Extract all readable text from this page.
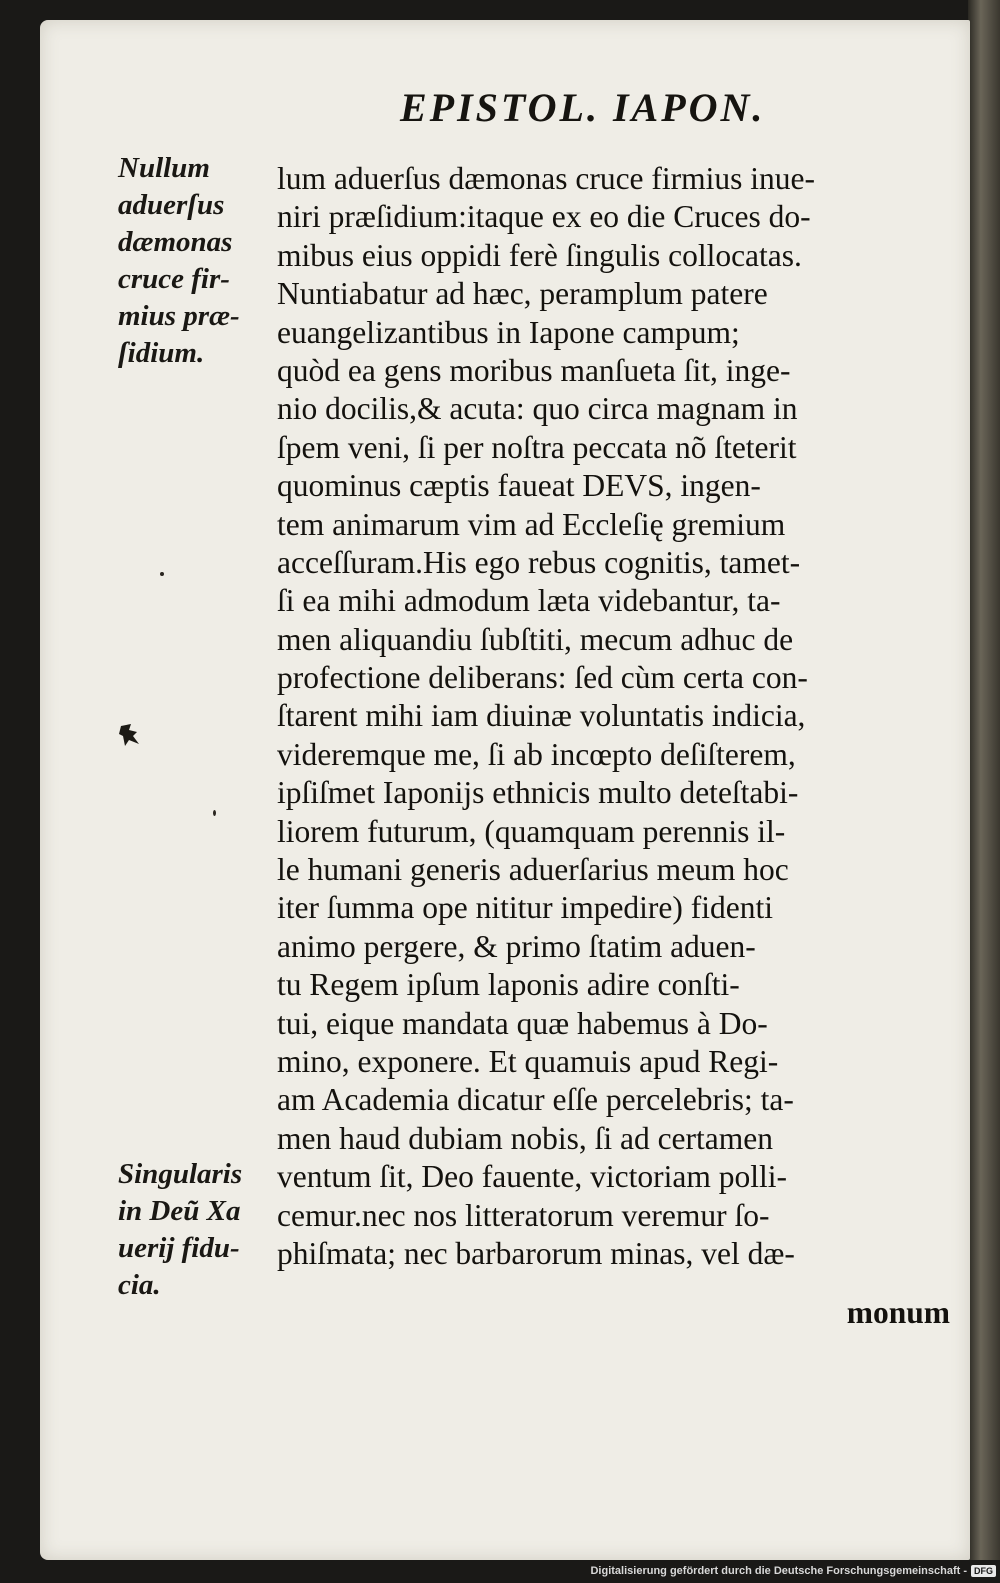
EPISTOL. IAPON.
Nullum
aduerſus
dæmonas
cruce fir-
mius præ-
ſidium.
Singularis
in Deũ Xa
uerij fidu-
cia.
lum aduerſus dæmonas cruce firmius inue-
niri præſidium:itaque ex eo die Cruces do-
mibus eius oppidi ferè ſingulis collocatas.
Nuntiabatur ad hæc, peramplum patere
euangelizantibus in Iapone campum;
quòd ea gens moribus manſueta ſit, inge-
nio docilis,& acuta: quo circa magnam in
ſpem veni, ſi per noſtra peccata nõ ſteterit
quominus cæptis faueat DEVS, ingen-
tem animarum vim ad Eccleſię gremium
acceſſuram.His ego rebus cognitis, tamet-
ſi ea mihi admodum læta videbantur, ta-
men aliquandiu ſubſtiti, mecum adhuc de
profectione deliberans: ſed cùm certa con-
ſtarent mihi iam diuinæ voluntatis indicia,
videremque me, ſi ab incœpto deſiſterem,
ipſiſmet Iaponijs ethnicis multo deteſtabi-
liorem futurum, (quamquam perennis il-
le humani generis aduerſarius meum hoc
iter ſumma ope nititur impedire) fidenti
animo pergere, & primo ſtatim aduen-
tu Regem ipſum laponis adire conſti-
tui, eique mandata quæ habemus à Do-
mino, exponere. Et quamuis apud Regi-
am Academia dicatur eſſe percelebris; ta-
men haud dubiam nobis, ſi ad certamen
ventum ſit, Deo fauente, victoriam polli-
cemur.nec nos litteratorum veremur ſo-
phiſmata; nec barbarorum minas, vel dæ-
monum
Digitalisierung gefördert durch die Deutsche Forschungsgemeinschaft - DFG
